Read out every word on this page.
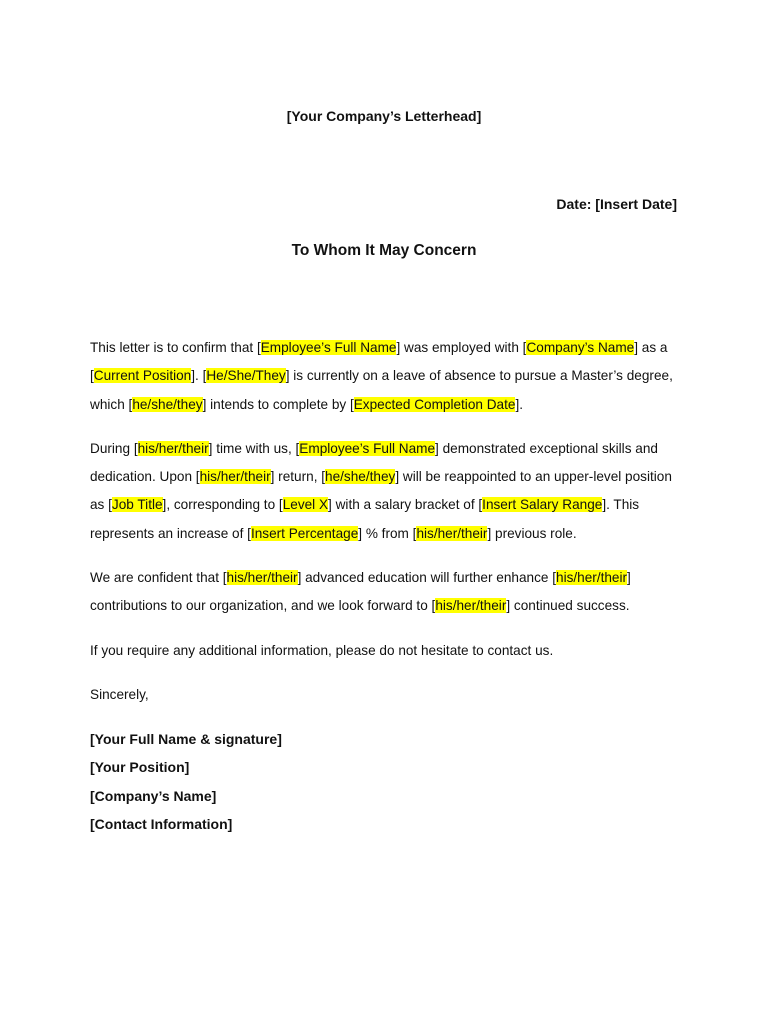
[Your Company’s Letterhead]
Date: [Insert Date]
To Whom It May Concern

This letter is to confirm that [Employee’s Full Name] was employed with [Company’s Name] as a [Current Position]. [He/She/They] is currently on a leave of absence to pursue a Master’s degree, which [he/she/they] intends to complete by [Expected Completion Date].

During [his/her/their] time with us, [Employee’s Full Name] demonstrated exceptional skills and dedication. Upon [his/her/their] return, [he/she/they] will be reappointed to an upper-level position as [Job Title], corresponding to [Level X] with a salary bracket of [Insert Salary Range]. This represents an increase of [Insert Percentage] % from [his/her/their] previous role.

We are confident that [his/her/their] advanced education will further enhance [his/her/their] contributions to our organization, and we look forward to [his/her/their] continued success.

If you require any additional information, please do not hesitate to contact us.

Sincerely,

[Your Full Name & signature]
[Your Position]
[Company’s Name]
[Contact Information]
